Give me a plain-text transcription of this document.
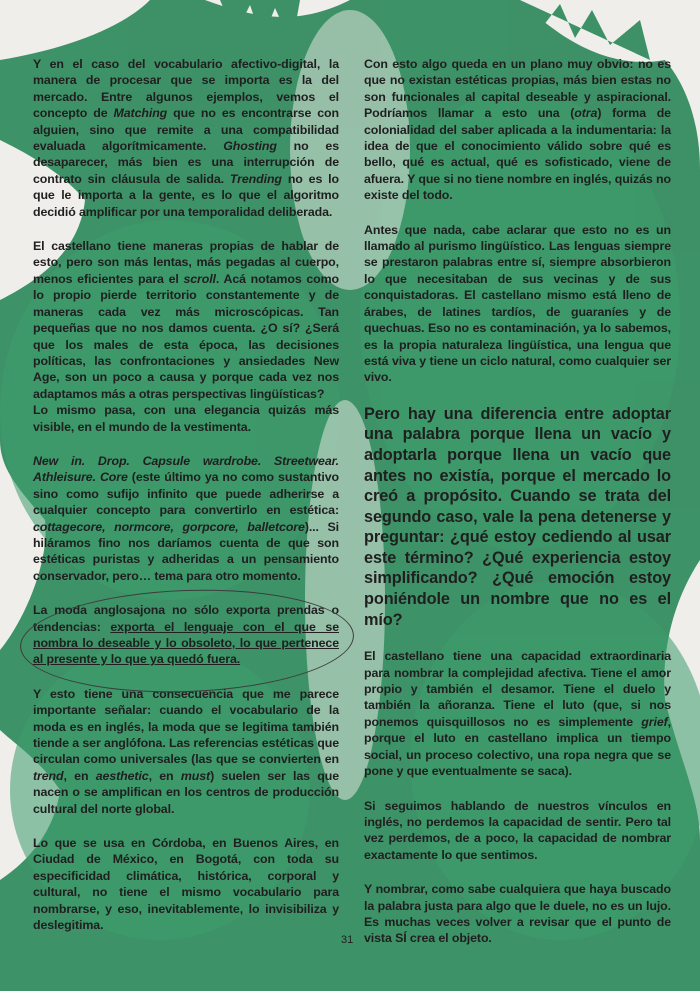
Y en el caso del vocabulario afectivo-digital, la manera de procesar que se importa es la del mercado. Entre algunos ejemplos, vemos el concepto de Matching que no es encontrarse con alguien, sino que remite a una compatibilidad evaluada algorítmicamente. Ghosting no es desaparecer, más bien es una interrupción de contrato sin cláusula de salida. Trending no es lo que le importa a la gente, es lo que el algoritmo decidió amplificar por una temporalidad deliberada.

El castellano tiene maneras propias de hablar de esto, pero son más lentas, más pegadas al cuerpo, menos eficientes para el scroll. Acá notamos como lo propio pierde territorio constantemente y de maneras cada vez más microscópicas. Tan pequeñas que no nos damos cuenta. ¿O sí? ¿Será que los males de esta época, las decisiones políticas, las confrontaciones y ansiedades New Age, son un poco a causa y porque cada vez nos adaptamos más a otras perspectivas lingüísticas?

Lo mismo pasa, con una elegancia quizás más visible, en el mundo de la vestimenta.

New in. Drop. Capsule wardrobe. Streetwear. Athleisure. Core (este último ya no como sustantivo sino como sufijo infinito que puede adherirse a cualquier concepto para convertirlo en estética: cottagecore, normcore, gorpcore, balletcore)... Si hiláramos fino nos daríamos cuenta de que son estéticas puristas y adheridas a un pensamiento conservador, pero… tema para otro momento.

La moda anglosajona no sólo exporta prendas o tendencias: exporta el lenguaje con el que se nombra lo deseable y lo obsoleto, lo que pertenece al presente y lo que ya quedó fuera.

Y esto tiene una consecuencia que me parece importante señalar: cuando el vocabulario de la moda es en inglés, la moda que se legitima también tiende a ser anglófona. Las referencias estéticas que circulan como universales (las que se convierten en trend, en aesthetic, en must) suelen ser las que nacen o se amplifican en los centros de producción cultural del norte global.

Lo que se usa en Córdoba, en Buenos Aires, en Ciudad de México, en Bogotá, con toda su especificidad climática, histórica, corporal y cultural, no tiene el mismo vocabulario para nombrarse, y eso, inevitablemente, lo invisibiliza y deslegitima.

Con esto algo queda en un plano muy obvio: no es que no existan estéticas propias, más bien estas no son funcionales al capital deseable y aspiracional. Podríamos llamar a esto una (otra) forma de colonialidad del saber aplicada a la indumentaria: la idea de que el conocimiento válido sobre qué es bello, qué es actual, qué es sofisticado, viene de afuera. Y que si no tiene nombre en inglés, quizás no existe del todo.

Antes que nada, cabe aclarar que esto no es un llamado al purismo lingüístico. Las lenguas siempre se prestaron palabras entre sí, siempre absorbieron lo que necesitaban de sus vecinas y de sus conquistadoras. El castellano mismo está lleno de árabes, de latines tardíos, de guaraníes y de quechuas. Eso no es contaminación, ya lo sabemos, es la propia naturaleza lingüística, una lengua que está viva y tiene un ciclo natural, como cualquier ser vivo.

Pero hay una diferencia entre adoptar una palabra porque llena un vacío y adoptarla porque llena un vacío que antes no existía, porque el mercado lo creó a propósito. Cuando se trata del segundo caso, vale la pena detenerse y preguntar: ¿qué estoy cediendo al usar este término? ¿Qué experiencia estoy simplificando? ¿Qué emoción estoy poniéndole un nombre que no es el mío?

El castellano tiene una capacidad extraordinaria para nombrar la complejidad afectiva. Tiene el amor propio y también el desamor. Tiene el duelo y también la añoranza. Tiene el luto (que, si nos ponemos quisquillosos no es simplemente grief, porque el luto en castellano implica un tiempo social, un proceso colectivo, una ropa negra que se pone y que eventualmente se saca).

Si seguimos hablando de nuestros vínculos en inglés, no perdemos la capacidad de sentir. Pero tal vez perdemos, de a poco, la capacidad de nombrar exactamente lo que sentimos.

Y nombrar, como sabe cualquiera que haya buscado la palabra justa para algo que le duele, no es un lujo. Es muchas veces volver a revisar que el punto de vista SÍ crea el objeto.

31
